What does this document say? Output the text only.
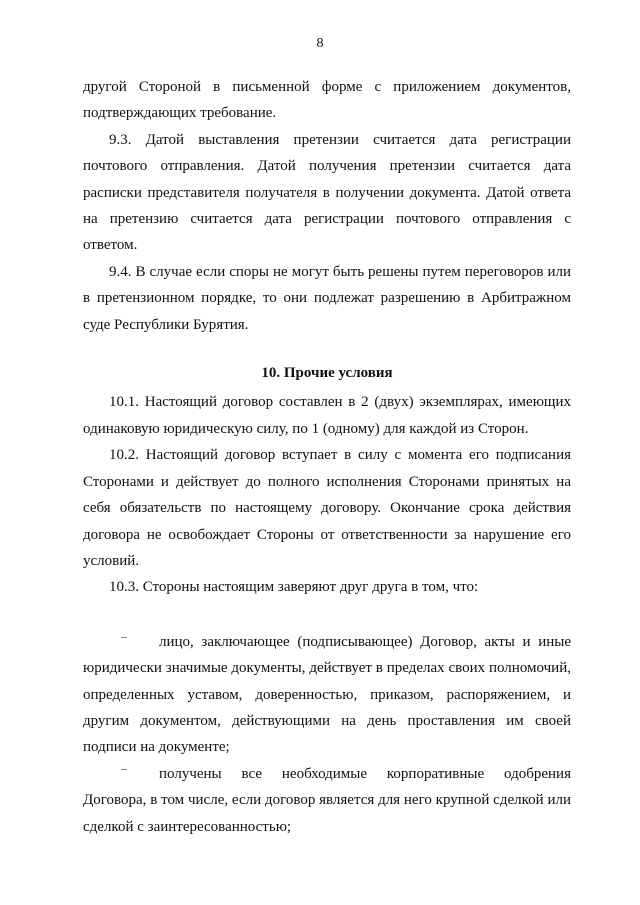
8

другой Стороной в письменной форме с приложением документов,

подтверждающих требование.

9.3. Датой выставления претензии считается дата регистрации почтового отправления. Датой получения претензии считается дата расписки представителя получателя в получении документа. Датой ответа на претензию считается дата регистрации почтового отправления с ответом.

9.4. В случае если споры не могут быть решены путем переговоров или в претензионном порядке, то они подлежат разрешению в Арбитражном суде Республики Бурятия.

10. Прочие условия

10.1. Настоящий договор составлен в 2 (двух) экземплярах, имеющих одинаковую юридическую силу, по 1 (одному) для каждой из Сторон.

10.2. Настоящий договор вступает в силу с момента его подписания Сторонами и действует до полного исполнения Сторонами принятых на себя обязательств по настоящему договору. Окончание срока действия договора не освобождает Стороны от ответственности за нарушение его условий.

10.3. Стороны настоящим заверяют друг друга в том, что:

–	лицо, заключающее (подписывающее) Договор, акты и иные

юридически значимые документы, действует в пределах своих полномочий, определенных уставом, доверенностью, приказом, распоряжением, и другим документом, действующими на день проставления им своей подписи на документе;

–	получены все необходимые корпоративные одобрения

Договора, в том числе, если договор является для него крупной сделкой или сделкой с заинтересованностью;
